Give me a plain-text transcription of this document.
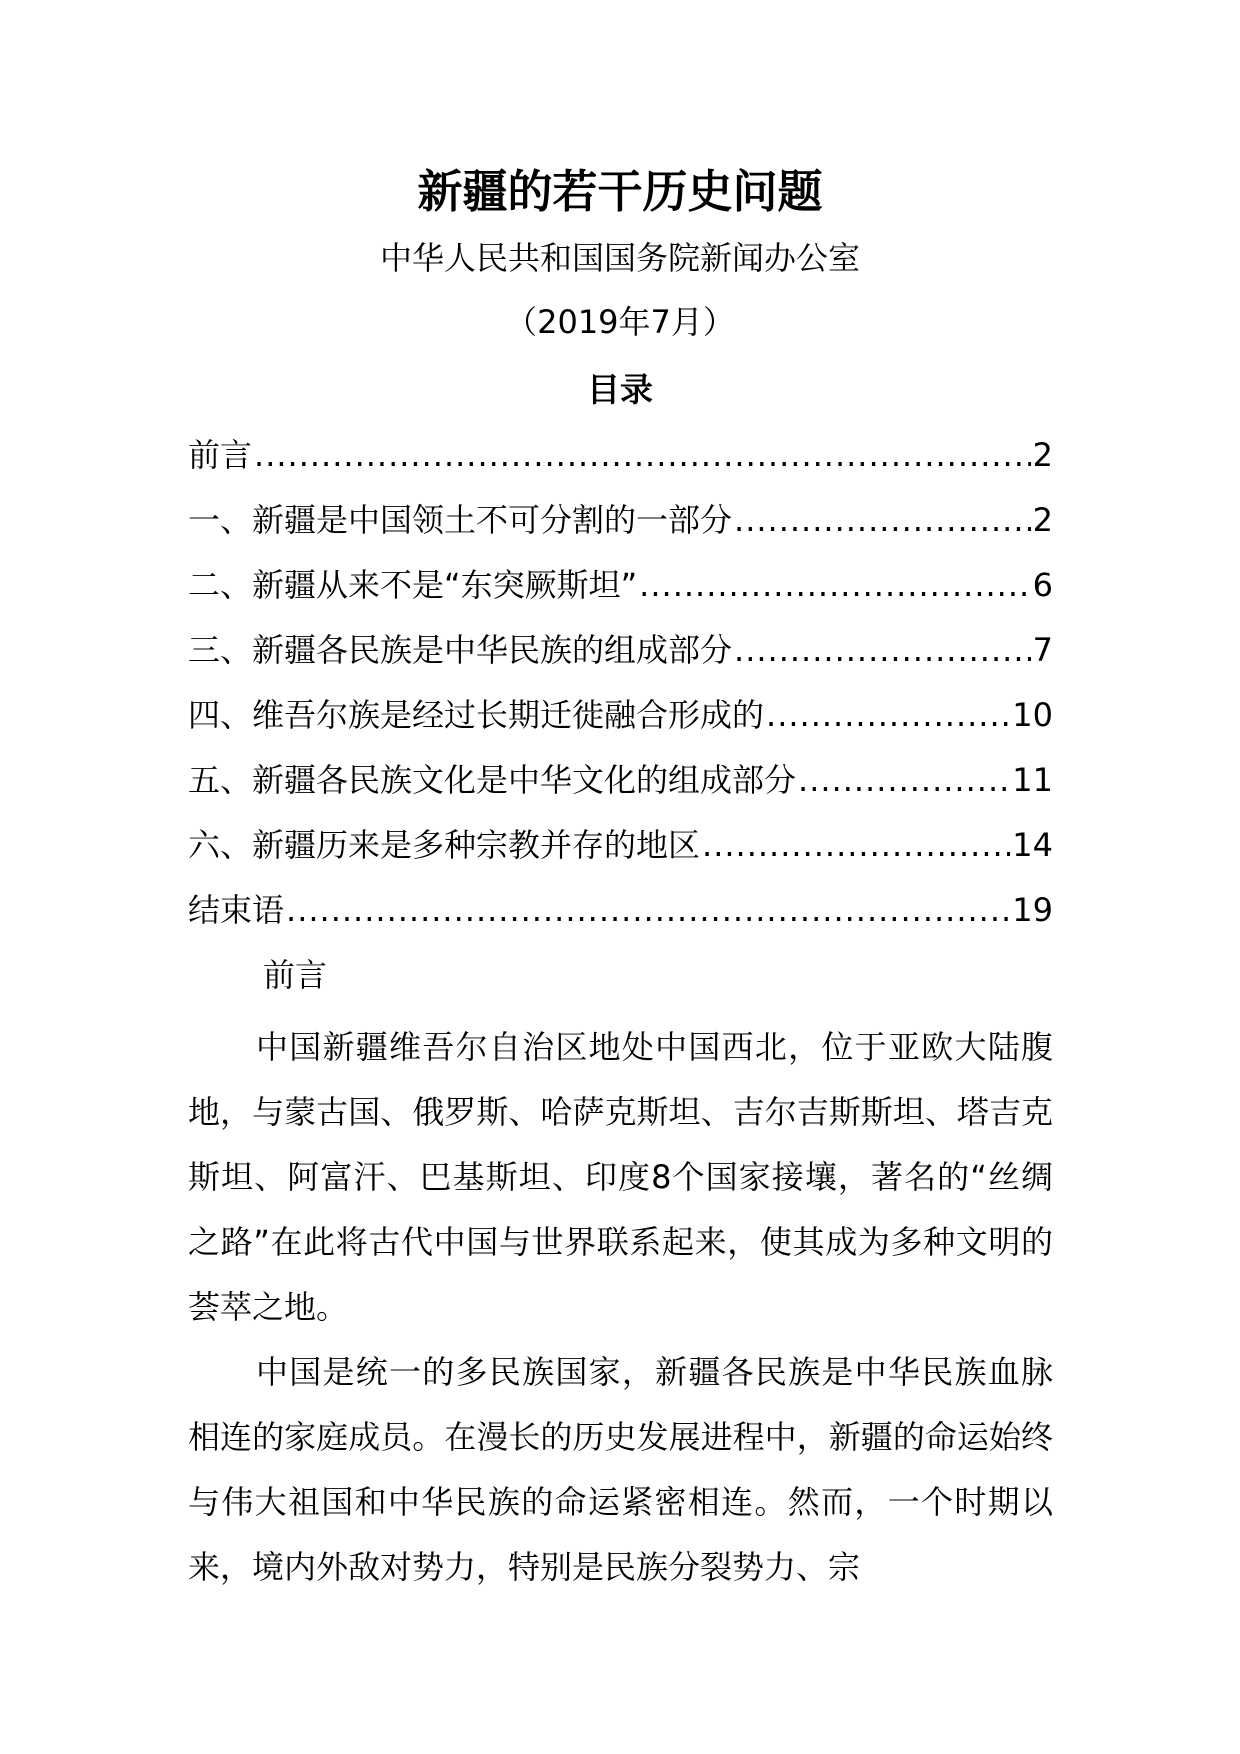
新疆的若干历史问题
中华人民共和国国务院新闻办公室
（2019年7月）
目录
前言 .....	2
一、新疆是中国领土不可分割的一部分 .....	2
二、新疆从来不是“东突厥斯坦” .....	6
三、新疆各民族是中华民族的组成部分 .....	7
四、维吾尔族是经过长期迁徙融合形成的 .....	10
五、新疆各民族文化是中华文化的组成部分 .....	11
六、新疆历来是多种宗教并存的地区 .....	14
结束语 .....	19
前言

中国新疆维吾尔自治区地处中国西北，位于亚欧大陆腹地，与蒙古国、俄罗斯、哈萨克斯坦、吉尔吉斯斯坦、塔吉克斯坦、阿富汗、巴基斯坦、印度8个国家接壤，著名的“丝绸之路”在此将古代中国与世界联系起来，使其成为多种文明的荟萃之地。

中国是统一的多民族国家，新疆各民族是中华民族血脉相连的家庭成员。在漫长的历史发展进程中，新疆的命运始终与伟大祖国和中华民族的命运紧密相连。然而，一个时期以来，境内外敌对势力，特别是民族分裂势力、宗
